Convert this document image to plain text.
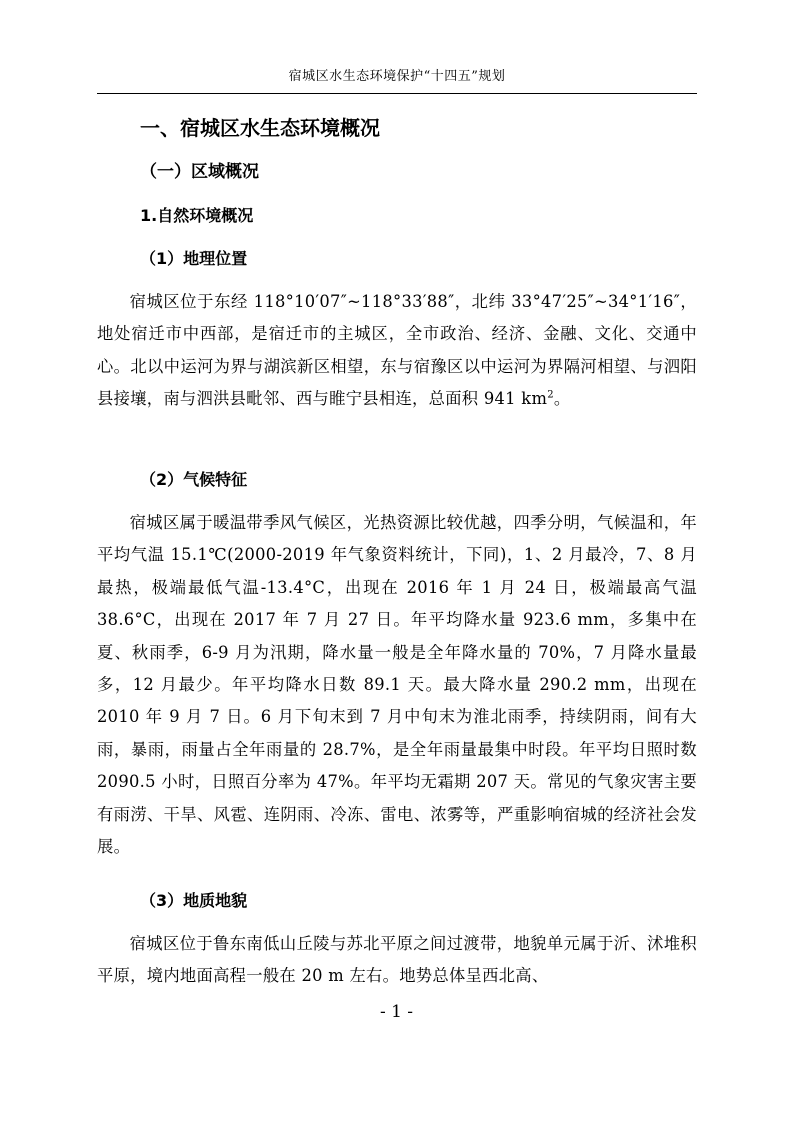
宿城区水生态环境保护“十四五”规划
一、宿城区水生态环境概况
（一）区域概况
1.自然环境概况
（1）地理位置
宿城区位于东经 118°10′07″~118°33′88″，北纬 33°47′25″~34°1′16″，地处宿迁市中西部，是宿迁市的主城区，全市政治、经济、金融、文化、交通中心。北以中运河为界与湖滨新区相望，东与宿豫区以中运河为界隔河相望、与泗阳县接壤，南与泗洪县毗邻、西与睢宁县相连，总面积 941 $km^2$。
（2）气候特征
宿城区属于暖温带季风气候区，光热资源比较优越，四季分明，气候温和，年平均气温 15.1℃(2000-2019 年气象资料统计，下同)，1、2 月最冷，7、8 月最热，极端最低气温-13.4°C，出现在 2016 年 1 月 24 日，极端最高气温 38.6°C，出现在 2017 年 7 月 27 日。年平均降水量 923.6 mm，多集中在夏、秋雨季，6-9 月为汛期，降水量一般是全年降水量的 70%，7 月降水量最多，12 月最少。年平均降水日数 89.1 天。最大降水量 290.2 mm，出现在 2010 年 9 月 7 日。6 月下旬末到 7 月中旬末为淮北雨季，持续阴雨，间有大雨，暴雨，雨量占全年雨量的 28.7%，是全年雨量最集中时段。年平均日照时数 2090.5 小时，日照百分率为 47%。年平均无霜期 207 天。常见的气象灾害主要有雨涝、干旱、风雹、连阴雨、冷冻、雷电、浓雾等，严重影响宿城的经济社会发展。
（3）地质地貌
宿城区位于鲁东南低山丘陵与苏北平原之间过渡带，地貌单元属于沂、沭堆积平原，境内地面高程一般在 20 m 左右。地势总体呈西北高、
- 1 -
